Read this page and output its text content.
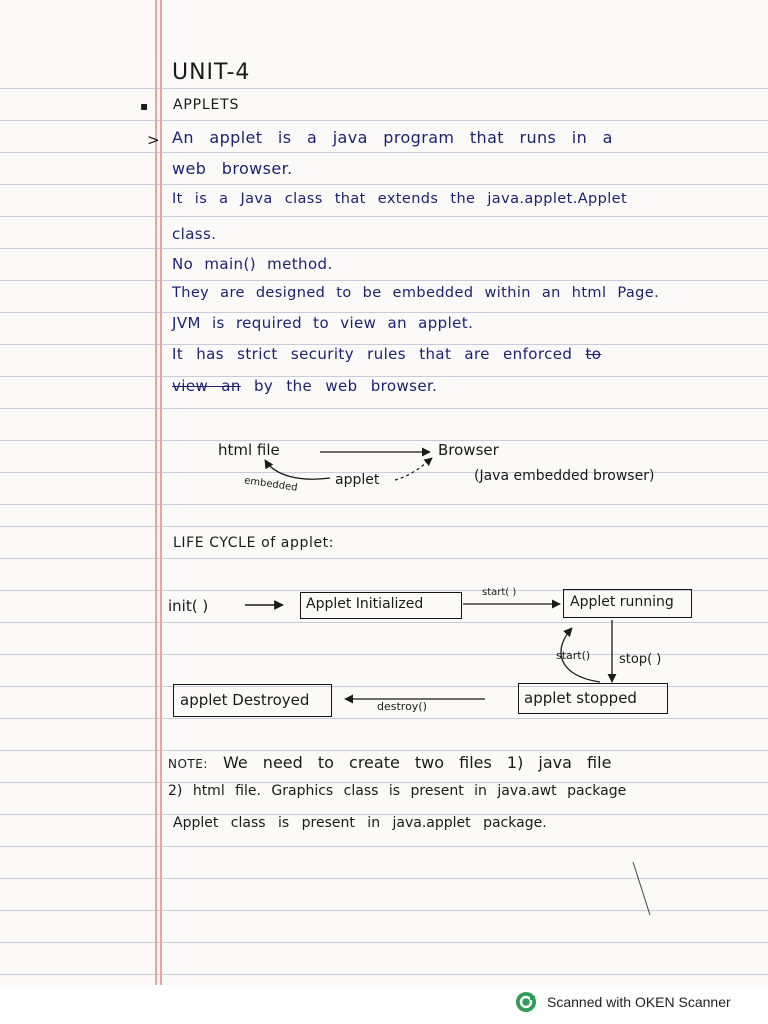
UNIT-4
▪ APPLETS
> An applet is a java program that runs in a
web browser.
It is a Java class that extends the java.applet.Applet
class.
No main() method.
They are designed to be embedded within an html Page.
JVM is required to view an applet.
It has strict security rules that are enforced to
view an by the web browser.
html file	Browser
applet
embedded	(Java embedded browser)
LIFE CYCLE of applet:
init( )	Applet Initialized
start( )
Applet running
start() stop( )
applet stopped
destroy()
applet Destroyed
NOTE: We need to create two files 1) java file
2) html file. Graphics class is present in java.awt package
Applet class is present in java.applet package.
Scanned with OKEN Scanner
